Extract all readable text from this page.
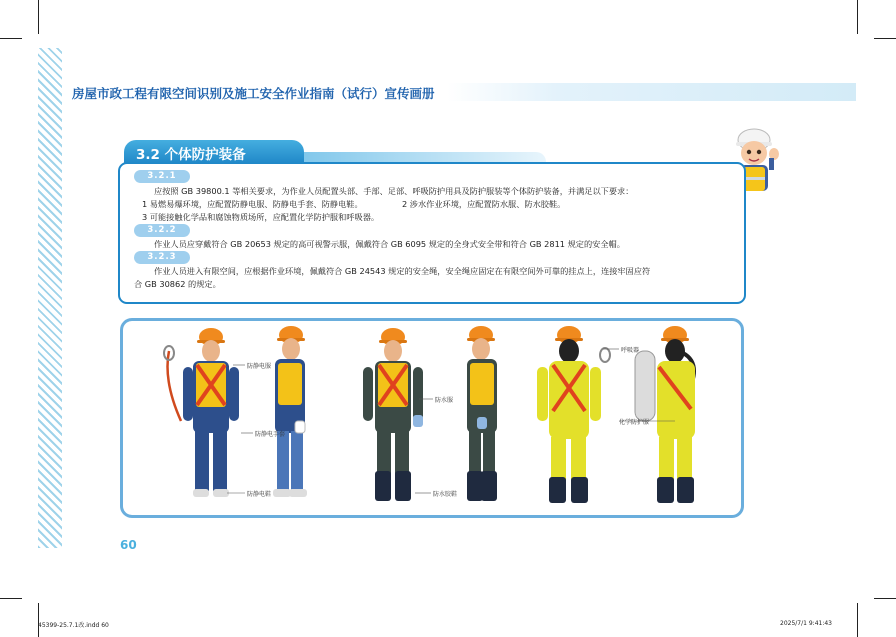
房屋市政工程有限空间识别及施工安全作业指南（试行）宣传画册
3.2 个体防护装备
3.2.1
应按照 GB 39800.1 等相关要求，为作业人员配置头部、手部、足部、呼吸防护用具及防护服装等个体防护装备，并满足以下要求：
1 易燃易爆环境，应配置防静电服、防静电手套、防静电鞋。	2 涉水作业环境，应配置防水服、防水胶鞋。
3 可能接触化学品和腐蚀物质场所，应配置化学防护服和呼吸器。
3.2.2
作业人员应穿戴符合 GB 20653 规定的高可视警示服，佩戴符合 GB 6095 规定的全身式安全带和符合 GB 2811 规定的安全帽。
3.2.3
作业人员进入有限空间，应根据作业环境，佩戴符合 GB 24543 规定的安全绳，安全绳应固定在有限空间外可靠的挂点上，连接牢固应符
合 GB 30862 的规定。
防静电服
防静电手套
防静电鞋
防水服
防水胶鞋
呼吸器
化学防护服
60
45399-25.7.1改.indd 60	2025/7/1 9:41:43
